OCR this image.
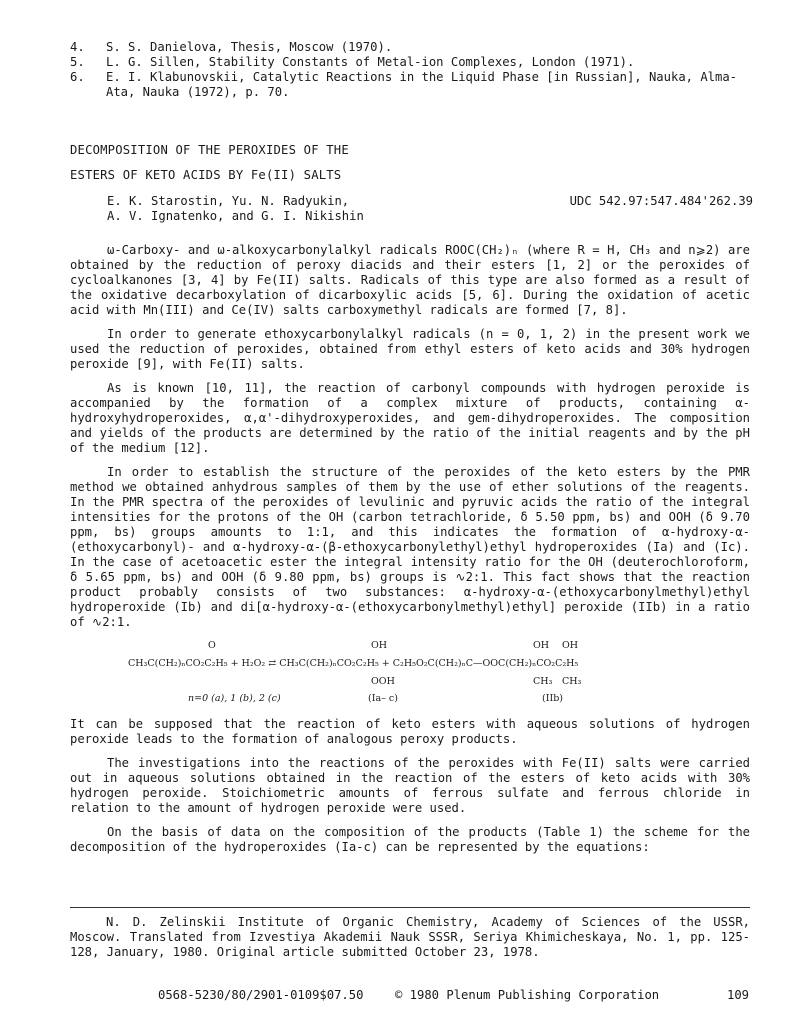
4. S. S. Danielova, Thesis, Moscow (1970).
5. L. G. Sillen, Stability Constants of Metal-ion Complexes, London (1971).
6. E. I. Klabunovskii, Catalytic Reactions in the Liquid Phase [in Russian], Nauka, Alma-Ata, Nauka (1972), p. 70.
DECOMPOSITION OF THE PEROXIDES OF THE
ESTERS OF KETO ACIDS BY Fe(II) SALTS
E. K. Starostin, Yu. N. Radyukin,
A. V. Ignatenko, and G. I. Nikishin
UDC 542.97:547.484'262.39

ω-Carboxy- and ω-alkoxycarbonylalkyl radicals ROOC(CH₂)ₙ (where R = H, CH₃ and n⩾2) are obtained by the reduction of peroxy diacids and their esters [1, 2] or the peroxides of cycloalkanones [3, 4] by Fe(II) salts. Radicals of this type are also formed as a result of the oxidative decarboxylation of dicarboxylic acids [5, 6]. During the oxidation of acetic acid with Mn(III) and Ce(IV) salts carboxymethyl radicals are formed [7, 8].

In order to generate ethoxycarbonylalkyl radicals (n = 0, 1, 2) in the present work we used the reduction of peroxides, obtained from ethyl esters of keto acids and 30% hydrogen peroxide [9], with Fe(II) salts.

As is known [10, 11], the reaction of carbonyl compounds with hydrogen peroxide is accompanied by the formation of a complex mixture of products, containing α-hydroxyhydroperoxides, α,α'-dihydroxyperoxides, and gem-dihydroperoxides. The composition and yields of the products are determined by the ratio of the initial reagents and by the pH of the medium [12].

In order to establish the structure of the peroxides of the keto esters by the PMR method we obtained anhydrous samples of them by the use of ether solutions of the reagents. In the PMR spectra of the peroxides of levulinic and pyruvic acids the ratio of the integral intensities for the protons of the OH (carbon tetrachloride, δ 5.50 ppm, bs) and OOH (δ 9.70 ppm, bs) groups amounts to 1:1, and this indicates the formation of α-hydroxy-α-(ethoxycarbonyl)- and α-hydroxy-α-(β-ethoxycarbonylethyl)ethyl hydroperoxides (Ia) and (Ic). In the case of acetoacetic ester the integral intensity ratio for the OH (deuterochloroform, δ 5.65 ppm, bs) and OOH (δ 9.80 ppm, bs) groups is ∿2:1. This fact shows that the reaction product probably consists of two substances: α-hydroxy-α-(ethoxycarbonylmethyl)ethyl hydroperoxide (Ib) and di[α-hydroxy-α-(ethoxycarbonylmethyl)ethyl] peroxide (IIb) in a ratio of ∿2:1.

O	OH	OH OH
CH₃C(CH₂)ₙCO₂C₂H₅ + H₂O₂ ⇄ CH₃C(CH₂)ₙCO₂C₂H₅ + C₂H₅O₂C(CH₂)ₙC—OOC(CH₂)ₙCO₂C₂H₅
OOH	CH₃ CH₃
n=0 (a), 1 (b), 2 (c)	(Ia– c)	(IIb)

It can be supposed that the reaction of keto esters with aqueous solutions of hydrogen peroxide leads to the formation of analogous peroxy products.

The investigations into the reactions of the peroxides with Fe(II) salts were carried out in aqueous solutions obtained in the reaction of the esters of keto acids with 30% hydrogen peroxide. Stoichiometric amounts of ferrous sulfate and ferrous chloride in relation to the amount of hydrogen peroxide were used.

On the basis of data on the composition of the products (Table 1) the scheme for the decomposition of the hydroperoxides (Ia-c) can be represented by the equations:

N. D. Zelinskii Institute of Organic Chemistry, Academy of Sciences of the USSR, Moscow. Translated from Izvestiya Akademii Nauk SSSR, Seriya Khimicheskaya, No. 1, pp. 125-128, January, 1980. Original article submitted October 23, 1978.

0568-5230/80/2901-0109$07.50	© 1980 Plenum Publishing Corporation	109
